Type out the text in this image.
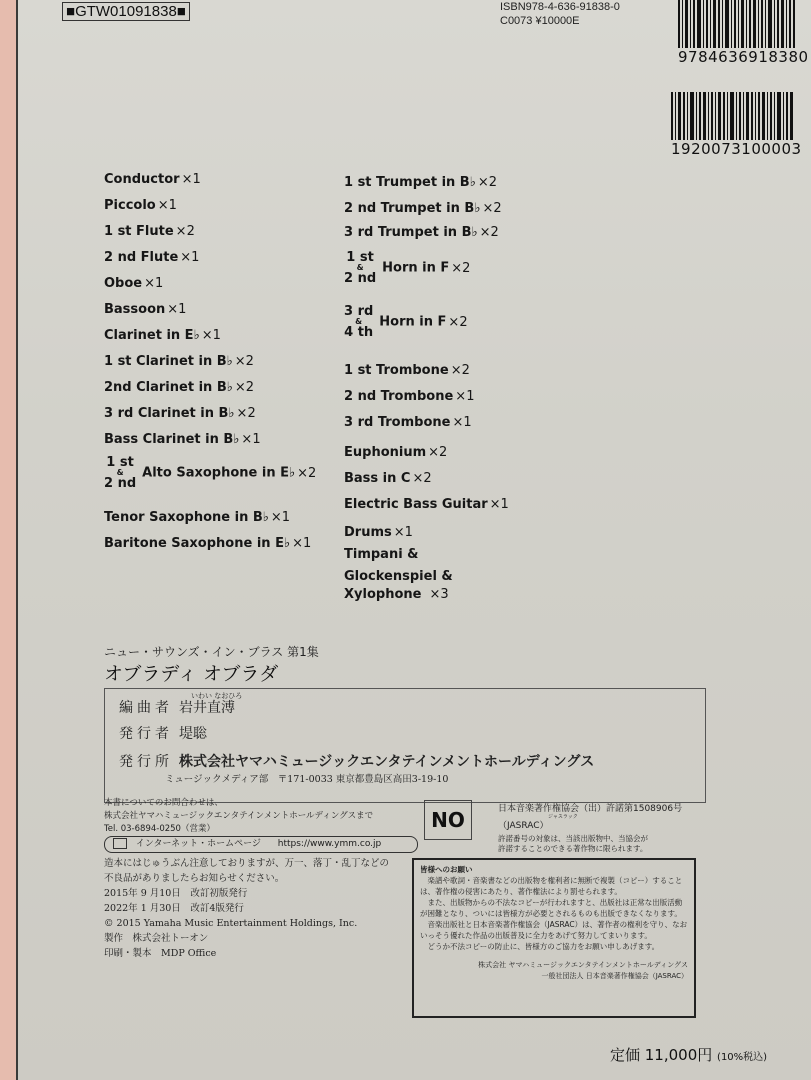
■GTW01091838■	ISBN978-4-636-91838-0
C0073 ¥10000E
9784636918380
1920073100003
Conductor ×1
Piccolo ×1
1 st Flute ×2
2 nd Flute ×1
Oboe ×1
Bassoon ×1
Clarinet in E♭ ×1
1 st Clarinet in B♭ ×2
2nd Clarinet in B♭ ×2
3 rd Clarinet in B♭ ×2
Bass Clarinet in B♭ ×1
1 st
&
2 nd
Alto Saxophone in E♭ ×2
Tenor Saxophone in B♭ ×1
Baritone Saxophone in E♭ ×1
1 st Trumpet in B♭ ×2
2 nd Trumpet in B♭ ×2
3 rd Trumpet in B♭ ×2
1 st
&
2 nd
Horn in F ×2
3 rd
&
4 th
Horn in F ×2
1 st Trombone ×2
2 nd Trombone ×1
3 rd Trombone ×1
Euphonium ×2
Bass in C ×2
Electric Bass Guitar ×1
Drums ×1
Timpani &
Glockenspiel &
Xylophone ×3
ニュー・サウンズ・イン・ブラス 第1集
オブラディ オブラダ
いわい なおひろ
編曲者 岩井直溥
発行者 堤聡
発行所 株式会社ヤマハミュージックエンタテインメントホールディングス
ミュージックメディア部　〒171-0033 東京都豊島区高田3-19-10
本書についてのお問合わせは、
株式会社ヤマハミュージックエンタテインメントホールディングスまで
Tel. 03-6894-0250（営業）
インターネット・ホームページ https://www.ymm.co.jp
造本にはじゅうぶん注意しておりますが、万一、落丁・乱丁などの
不良品がありましたらお知らせください。
2015年 9 月10日　改訂初版発行
2022年 1 月30日　改訂4版発行
© 2015 Yamaha Music Entertainment Holdings, Inc.
製作　株式会社トーオン
印刷・製本　MDP Office
NO	日本音楽著作権協会（出）許諾第1508906号
ジャスラック
（JASRAC）
許諾番号の対象は、当該出版物中、当協会が
許諾することのできる著作物に限られます。
皆様へのお願い
　楽譜や歌詞・音楽書などの出版物を権利者に無断で複製（コピー）することは、著作権の侵害にあたり、著作権法により罰せられます。
　また、出版物からの不法なコピーが行われますと、出版社は正常な出版活動が困難となり、ついには皆様方が必要とされるものも出版できなくなります。
　音楽出版社と日本音楽著作権協会（JASRAC）は、著作者の権利を守り、なおいっそう優れた作品の出版普及に全力をあげて努力してまいります。
　どうか不法コピーの防止に、皆様方のご協力をお願い申しあげます。
株式会社 ヤマハミュージックエンタテインメントホールディングス
一般社団法人 日本音楽著作権協会（JASRAC）
定価 11,000円 (10%税込)
